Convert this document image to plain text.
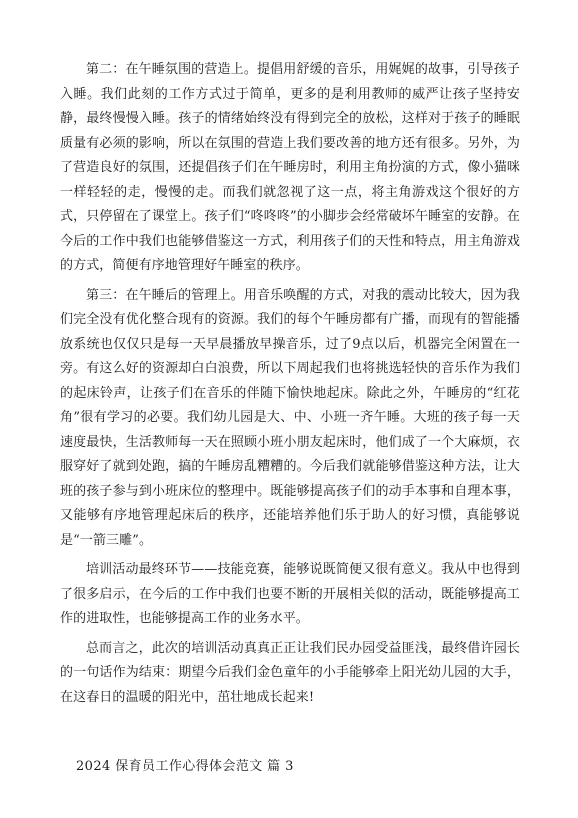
第二：在午睡氛围的营造上。提倡用舒缓的音乐，用娓娓的故事，引导孩子入睡。我们此刻的工作方式过于简单，更多的是利用教师的威严让孩子坚持安静，最终慢慢入睡。孩子的情绪始终没有得到完全的放松，这样对于孩子的睡眠质量有必须的影响，所以在氛围的营造上我们要改善的地方还有很多。另外，为了营造良好的氛围，还提倡孩子们在午睡房时，利用主角扮演的方式，像小猫咪一样轻轻的走，慢慢的走。而我们就忽视了这一点，将主角游戏这个很好的方式，只停留在了课堂上。孩子们“咚咚咚”的小脚步会经常破坏午睡室的安静。在今后的工作中我们也能够借鉴这一方式，利用孩子们的天性和特点，用主角游戏的方式，简便有序地管理好午睡室的秩序。

第三：在午睡后的管理上。用音乐唤醒的方式，对我的震动比较大，因为我们完全没有优化整合现有的资源。我们的每个午睡房都有广播，而现有的智能播放系统也仅仅只是每一天早晨播放早操音乐，过了9点以后，机器完全闲置在一旁。有这么好的资源却白白浪费，所以下周起我们也将挑选轻快的音乐作为我们的起床铃声，让孩子们在音乐的伴随下愉快地起床。除此之外，午睡房的“红花角”很有学习的必要。我们幼儿园是大、中、小班一齐午睡。大班的孩子每一天速度最快，生活教师每一天在照顾小班小朋友起床时，他们成了一个大麻烦，衣服穿好了就到处跑，搞的午睡房乱糟糟的。今后我们就能够借鉴这种方法，让大班的孩子参与到小班床位的整理中。既能够提高孩子们的动手本事和自理本事，又能够有序地管理起床后的秩序，还能培养他们乐于助人的好习惯，真能够说是“一箭三雕”。

培训活动最终环节——技能竞赛，能够说既简便又很有意义。我从中也得到了很多启示，在今后的工作中我们也要不断的开展相关似的活动，既能够提高工作的进取性，也能够提高工作的业务水平。

总而言之，此次的培训活动真真正正让我们民办园受益匪浅，最终借许园长的一句话作为结束：期望今后我们金色童年的小手能够牵上阳光幼儿园的大手，在这春日的温暖的阳光中，茁壮地成长起来!

2024 保育员工作心得体会范文 篇 3
